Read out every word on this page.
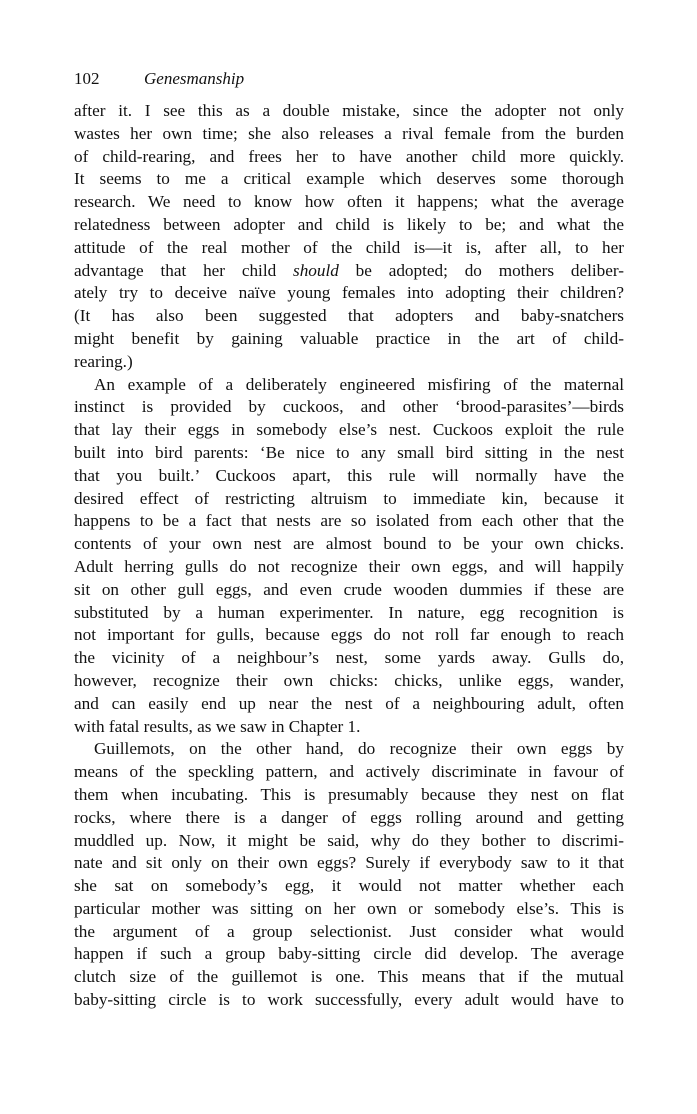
102	Genesmanship
after it. I see this as a double mistake, since the adopter not only
wastes her own time; she also releases a rival female from the burden
of child-rearing, and frees her to have another child more quickly.
It seems to me a critical example which deserves some thorough
research. We need to know how often it happens; what the average
relatedness between adopter and child is likely to be; and what the
attitude of the real mother of the child is—it is, after all, to her
advantage that her child should be adopted; do mothers deliber-
ately try to deceive naïve young females into adopting their children?
(It has also been suggested that adopters and baby-snatchers
might benefit by gaining valuable practice in the art of child-
rearing.)
An example of a deliberately engineered misfiring of the maternal
instinct is provided by cuckoos, and other ‘brood-parasites’—birds
that lay their eggs in somebody else’s nest. Cuckoos exploit the rule
built into bird parents: ‘Be nice to any small bird sitting in the nest
that you built.’ Cuckoos apart, this rule will normally have the
desired effect of restricting altruism to immediate kin, because it
happens to be a fact that nests are so isolated from each other that the
contents of your own nest are almost bound to be your own chicks.
Adult herring gulls do not recognize their own eggs, and will happily
sit on other gull eggs, and even crude wooden dummies if these are
substituted by a human experimenter. In nature, egg recognition is
not important for gulls, because eggs do not roll far enough to reach
the vicinity of a neighbour’s nest, some yards away. Gulls do,
however, recognize their own chicks: chicks, unlike eggs, wander,
and can easily end up near the nest of a neighbouring adult, often
with fatal results, as we saw in Chapter 1.
Guillemots, on the other hand, do recognize their own eggs by
means of the speckling pattern, and actively discriminate in favour of
them when incubating. This is presumably because they nest on flat
rocks, where there is a danger of eggs rolling around and getting
muddled up. Now, it might be said, why do they bother to discrimi-
nate and sit only on their own eggs? Surely if everybody saw to it that
she sat on somebody’s egg, it would not matter whether each
particular mother was sitting on her own or somebody else’s. This is
the argument of a group selectionist. Just consider what would
happen if such a group baby-sitting circle did develop. The average
clutch size of the guillemot is one. This means that if the mutual
baby-sitting circle is to work successfully, every adult would have to
